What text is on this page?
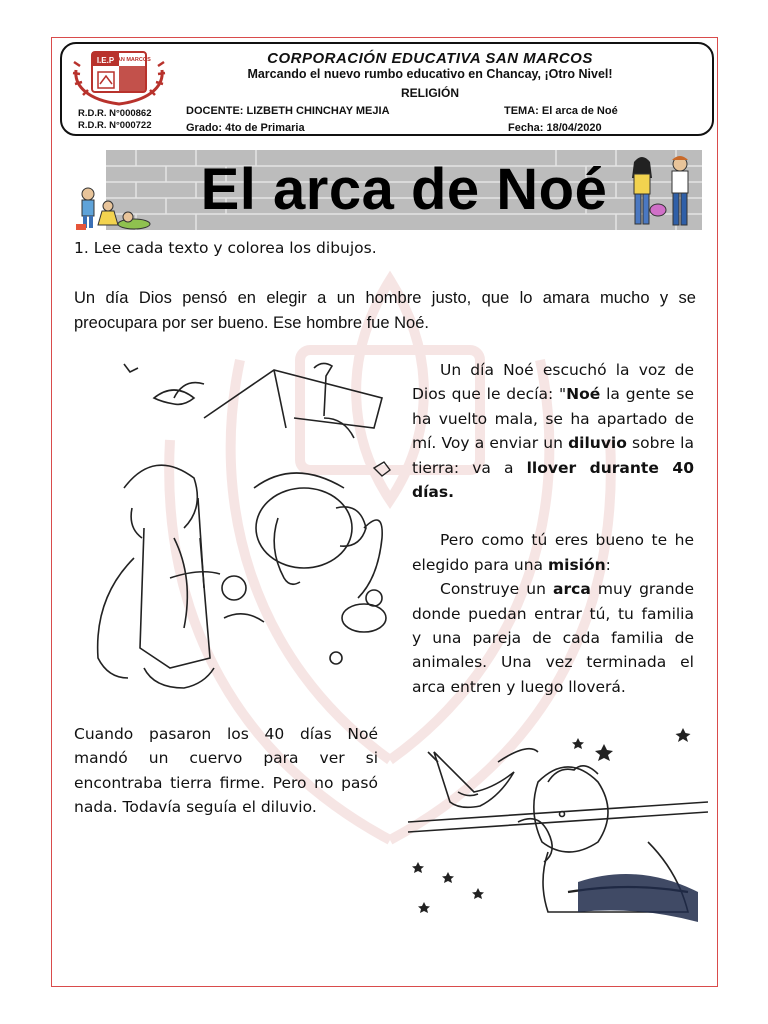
I.E.P SAN MARCOS
R.D.R. N°000862
R.D.R. N°000722
CORPORACIÓN EDUCATIVA SAN MARCOS
Marcando el nuevo rumbo educativo en Chancay, ¡Otro Nivel!
RELIGIÓN
DOCENTE: LIZBETH CHINCHAY MEJIA	TEMA: El arca de Noé
Grado: 4to de Primaria	Fecha: 18/04/2020
El arca de Noé
1. Lee cada texto y colorea los dibujos.
Un día Dios pensó en elegir a un hombre justo, que lo amara mucho y se preocupara por ser bueno. Ese hombre fue Noé.

Un día Noé escuchó la voz de Dios que le decía: "Noé la gente se ha vuelto mala, se ha apartado de mí. Voy a enviar un diluvio sobre la tierra: va a llover durante 40 días.

Pero como tú eres bueno te he elegido para una misión:

Construye un arca muy grande donde puedan entrar tú, tu familia y una pareja de cada familia de animales. Una vez terminada el arca entren y luego lloverá.

Cuando pasaron los 40 días Noé mandó un cuervo para ver si encontraba tierra firme. Pero no pasó nada. Todavía seguía el diluvio.
